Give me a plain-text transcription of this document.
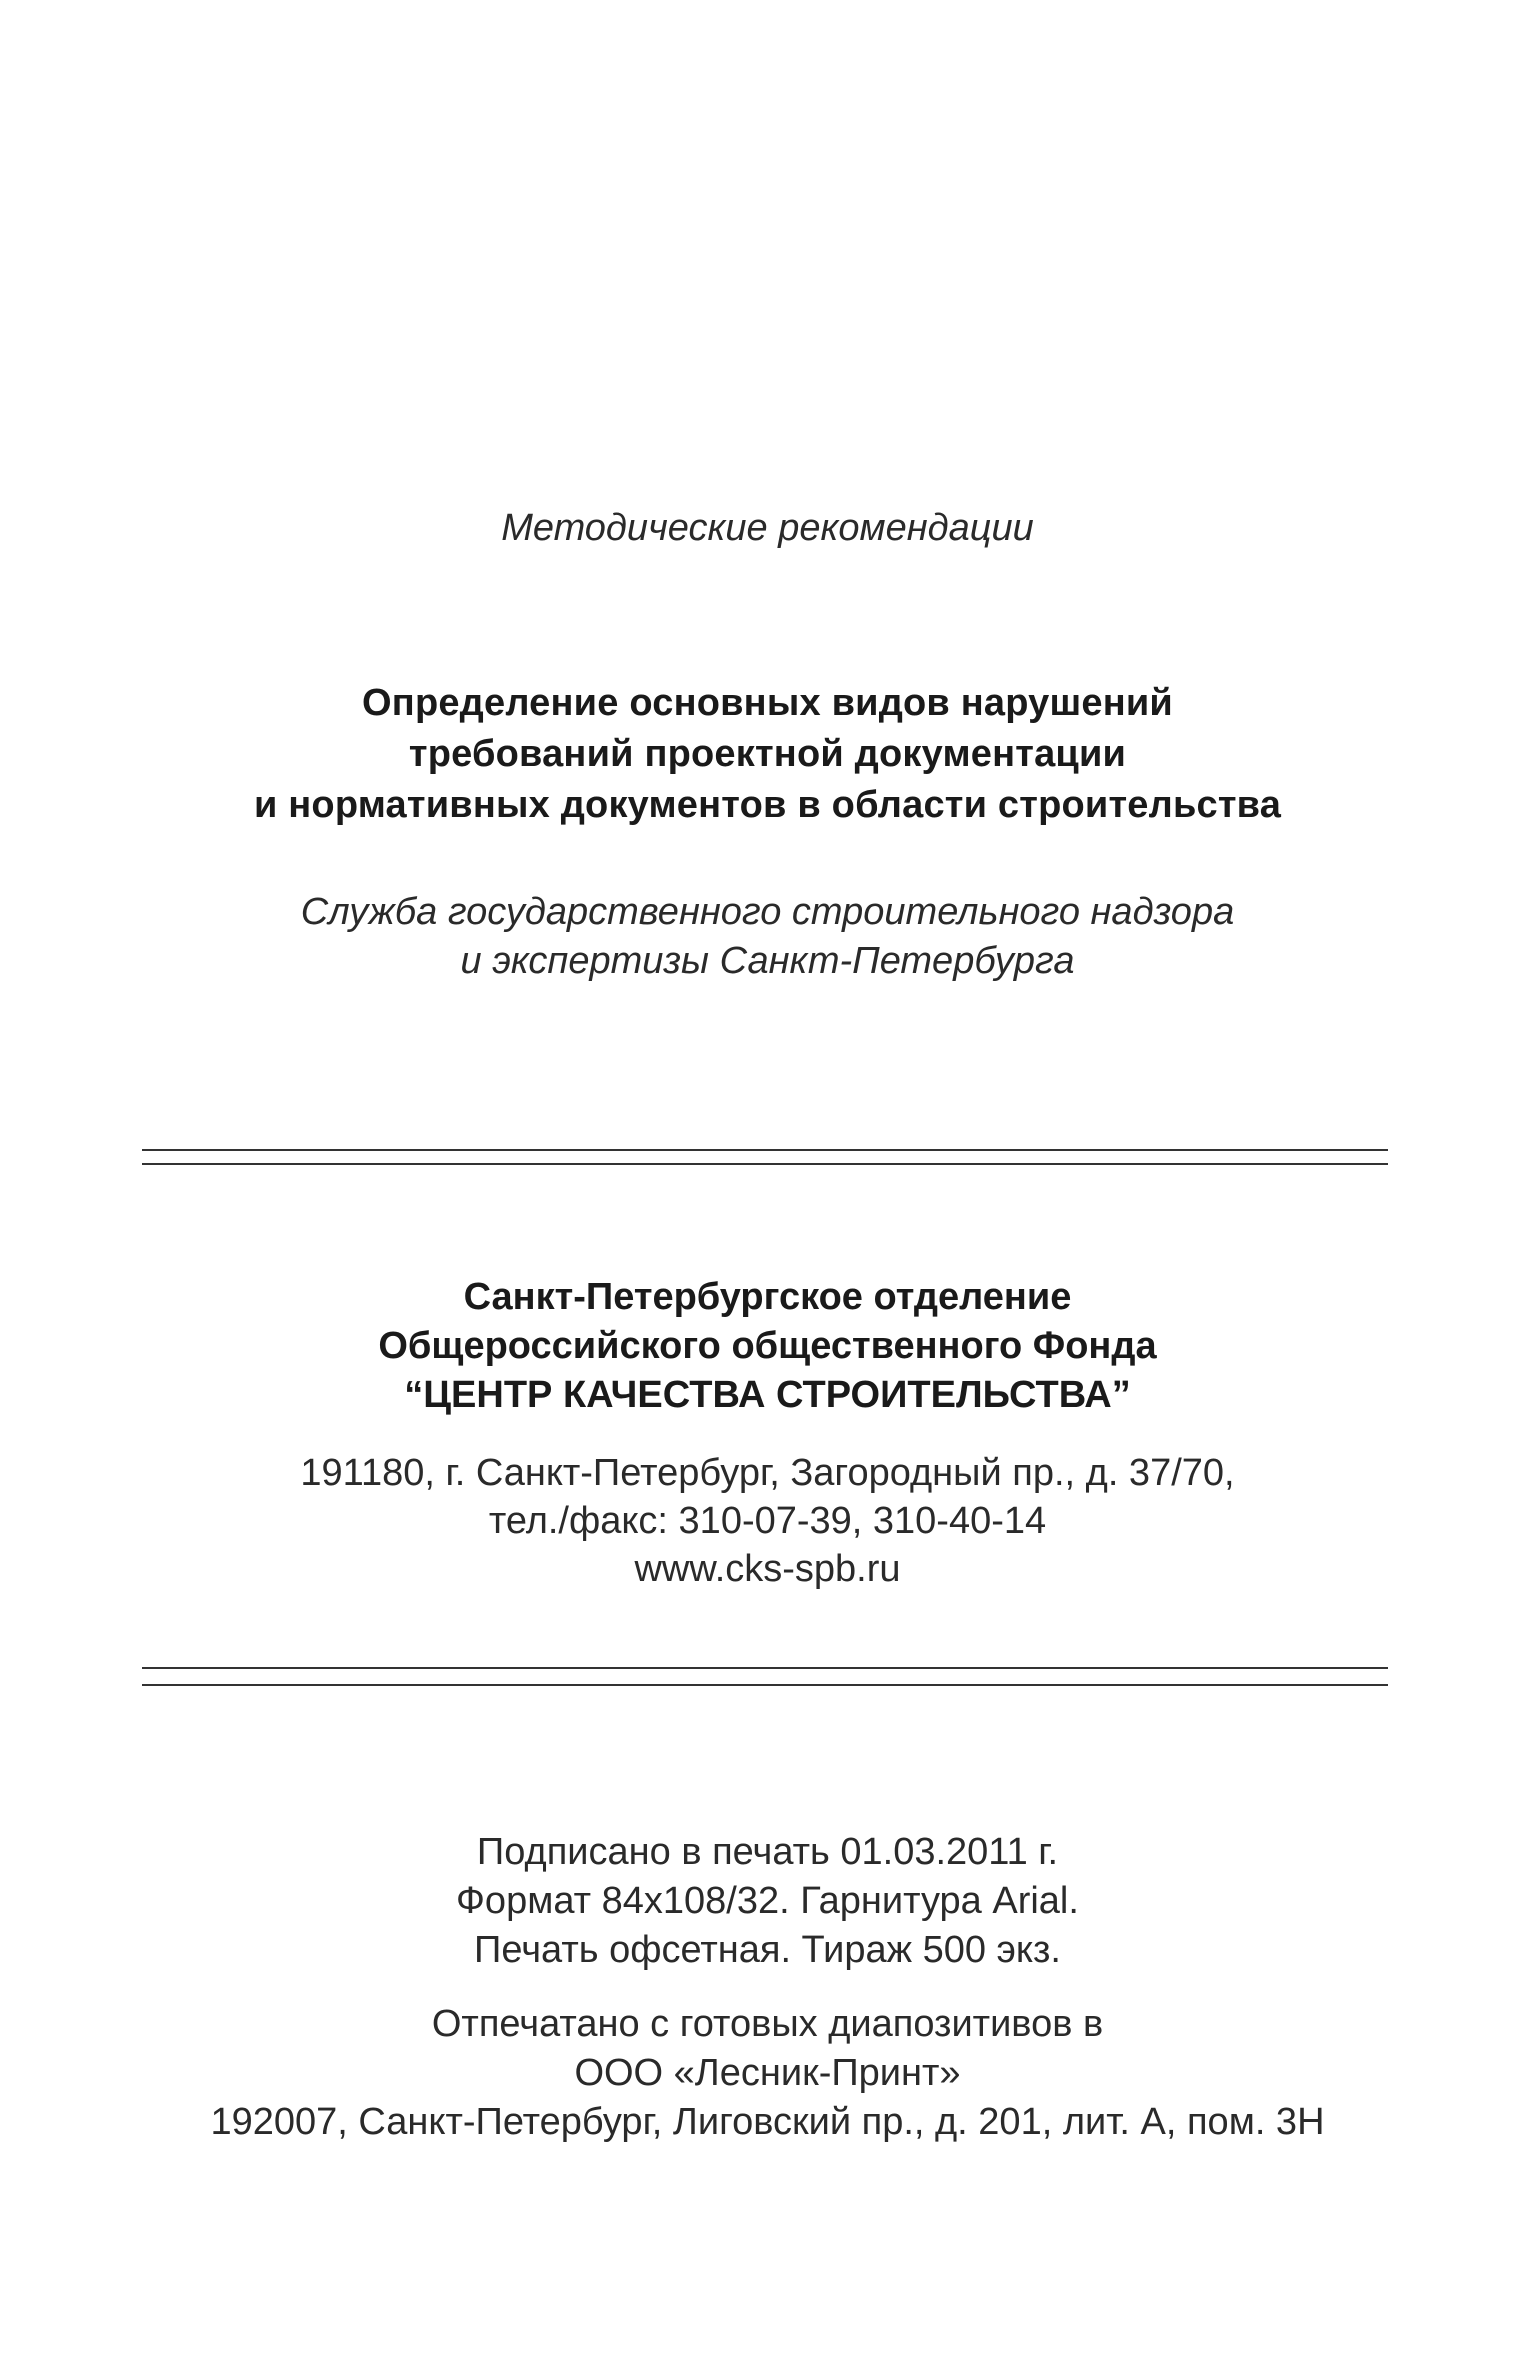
Методические рекомендации
Определение основных видов нарушений
требований проектной документации
и нормативных документов в области строительства
Служба государственного строительного надзора
и экспертизы Санкт-Петербурга
Санкт-Петербургское отделение
Общероссийского общественного Фонда
“ЦЕНТР КАЧЕСТВА СТРОИТЕЛЬСТВА”
191180, г. Санкт-Петербург, Загородный пр., д. 37/70,
тел./факс: 310-07-39, 310-40-14
www.cks-spb.ru
Подписано в печать 01.03.2011 г.
Формат 84x108/32. Гарнитура Arial.
Печать офсетная. Тираж 500 экз.
Отпечатано с готовых диапозитивов в
ООО «Лесник-Принт»
192007, Санкт-Петербург, Лиговский пр., д. 201, лит. А, пом. 3Н
